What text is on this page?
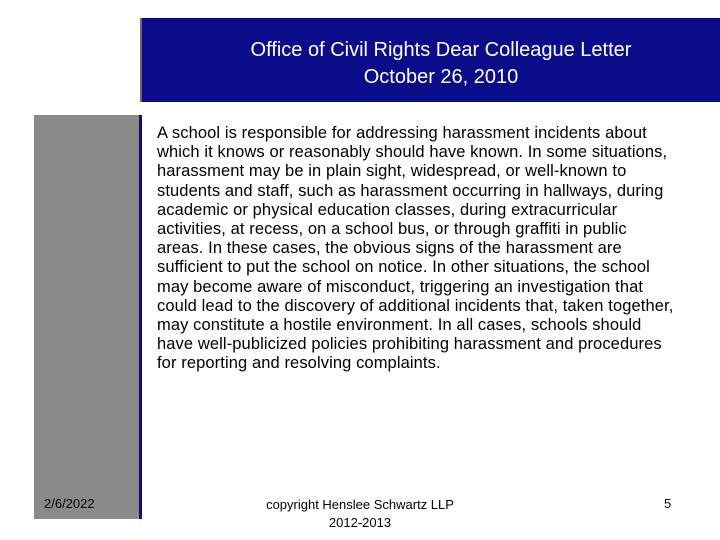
Office of Civil Rights Dear Colleague Letter
October 26, 2010
A school is responsible for addressing harassment incidents about which it knows or reasonably should have known. In some situations, harassment may be in plain sight, widespread, or well-known to students and staff, such as harassment occurring in hallways, during academic or physical education classes, during extracurricular activities, at recess, on a school bus, or through graffiti in public areas. In these cases, the obvious signs of the harassment are sufficient to put the school on notice. In other situations, the school may become aware of misconduct, triggering an investigation that could lead to the discovery of additional incidents that, taken together, may constitute a hostile environment. In all cases, schools should have well-publicized policies prohibiting harassment and procedures for reporting and resolving complaints.
2/6/2022	copyright Henslee Schwartz LLP
2012-2013
5
